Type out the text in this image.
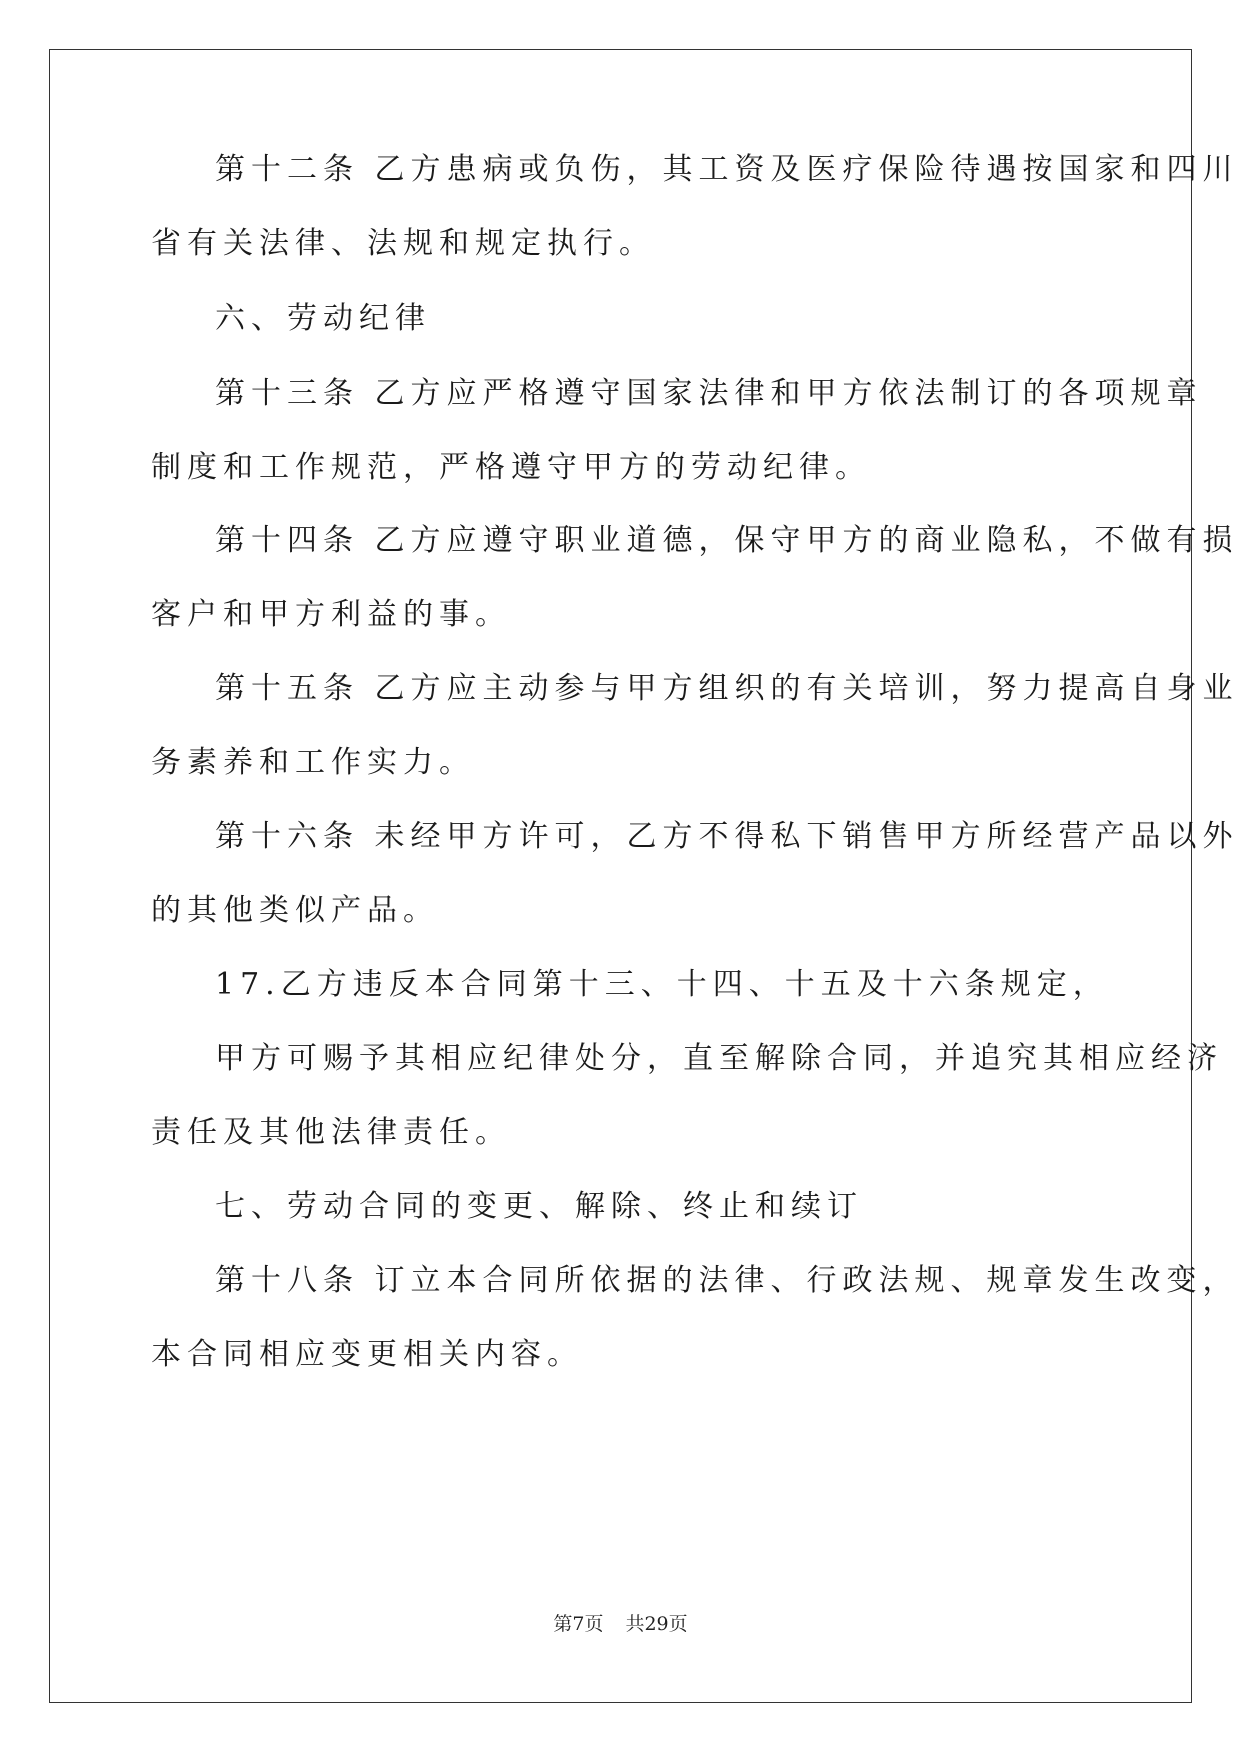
第十二条 乙方患病或负伤，其工资及医疗保险待遇按国家和四川
省有关法律、法规和规定执行。
六、劳动纪律
第十三条 乙方应严格遵守国家法律和甲方依法制订的各项规章
制度和工作规范，严格遵守甲方的劳动纪律。
第十四条 乙方应遵守职业道德，保守甲方的商业隐私，不做有损
客户和甲方利益的事。
第十五条 乙方应主动参与甲方组织的有关培训，努力提高自身业
务素养和工作实力。
第十六条 未经甲方许可，乙方不得私下销售甲方所经营产品以外
的其他类似产品。
17.乙方违反本合同第十三、十四、十五及十六条规定，
甲方可赐予其相应纪律处分，直至解除合同，并追究其相应经济
责任及其他法律责任。
七、劳动合同的变更、解除、终止和续订
第十八条 订立本合同所依据的法律、行政法规、规章发生改变，
本合同相应变更相关内容。
第7页 共29页
